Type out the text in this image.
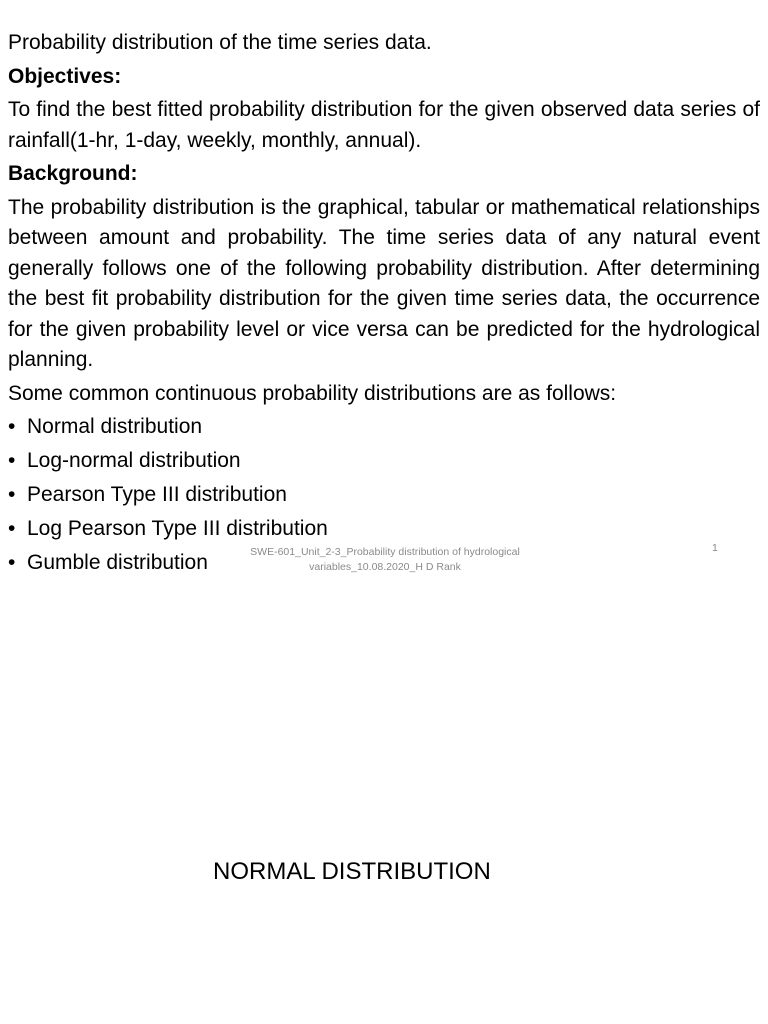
Probability distribution of the time series data.
Objectives:
To find the best fitted probability distribution for the given observed data series of rainfall(1-hr, 1-day, weekly, monthly, annual).
Background:
The probability distribution is the graphical, tabular or mathematical relationships between amount and probability. The time series data of any natural event generally follows one of the following probability distribution. After determining the best fit probability distribution for the given time series data, the occurrence for the given probability level or vice versa can be predicted for the hydrological planning.
Some common continuous probability distributions are as follows:
• Normal distribution
• Log-normal distribution
• Pearson Type III distribution
• Log Pearson Type III distribution
• Gumble distribution	SWE-601_Unit_2-3_Probability distribution of hydrological
variables_10.08.2020_H D Rank
1
NORMAL DISTRIBUTION
